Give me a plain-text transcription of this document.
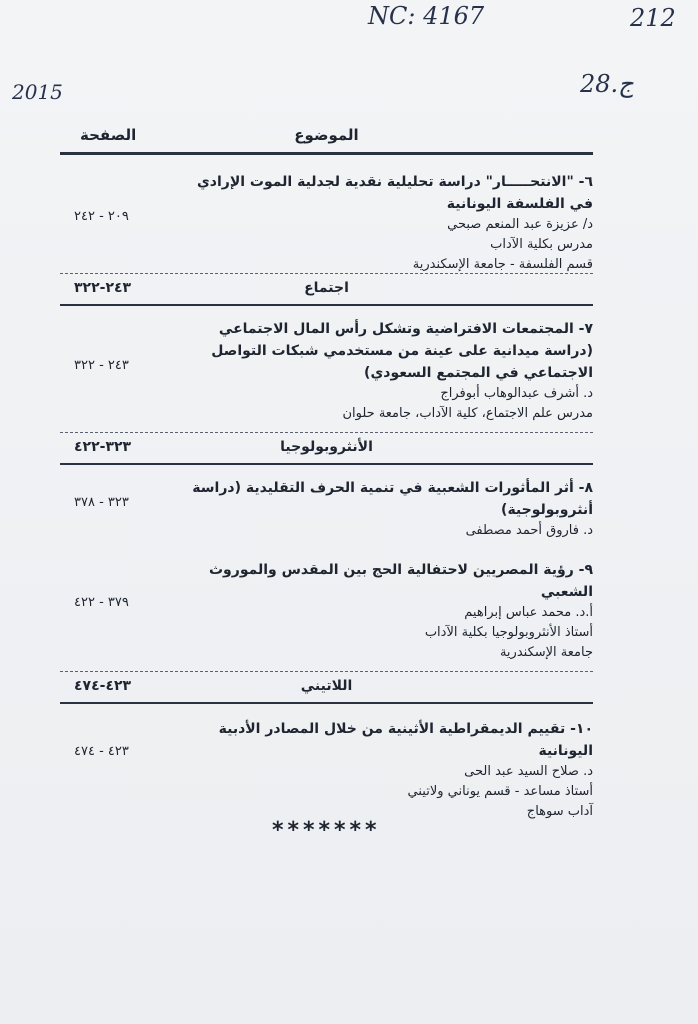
NC: 4167	212
2015	28.ج
الموضوع
الصفحة

٦- "الانتحـــــار" دراسة تحليلية نقدية لجدلية الموت الإرادي في الفلسفة اليونانية

د/ عزيزة عبد المنعم صبحي

مدرس بكلية الآداب

قسم الفلسفة - جامعة الإسكندرية

٢٠٩ - ٢٤٢
اجتماع
٢٤٣-٣٢٢

٧- المجتمعات الافتراضية وتشكل رأس المال الاجتماعي (دراسة ميدانية على عينة من مستخدمي شبكات التواصل الاجتماعي في المجتمع السعودي)

د. أشرف عبدالوهاب أبوفراج

مدرس علم الاجتماع، كلية الآداب، جامعة حلوان

٢٤٣ - ٣٢٢
الأنثروبولوجيا
٣٢٣-٤٢٢

٨- أثر المأثورات الشعبية في تنمية الحرف التقليدية (دراسة أنثروبولوجية)

د. فاروق أحمد مصطفى

٣٢٣ - ٣٧٨

٩- رؤية المصريين لاحتفالية الحج بين المقدس والموروث الشعبي

أ.د. محمد عباس إبراهيم

أستاذ الأنثروبولوجيا بكلية الآداب

جامعة الإسكندرية

٣٧٩ - ٤٢٢
اللاتيني
٤٢٣-٤٧٤

١٠- تقييم الديمقراطية الأثينية من خلال المصادر الأدبية اليونانية

د. صلاح السيد عبد الحى

أستاذ مساعد - قسم يوناني ولاتيني

آداب سوهاج

٤٢٣ - ٤٧٤
*******
